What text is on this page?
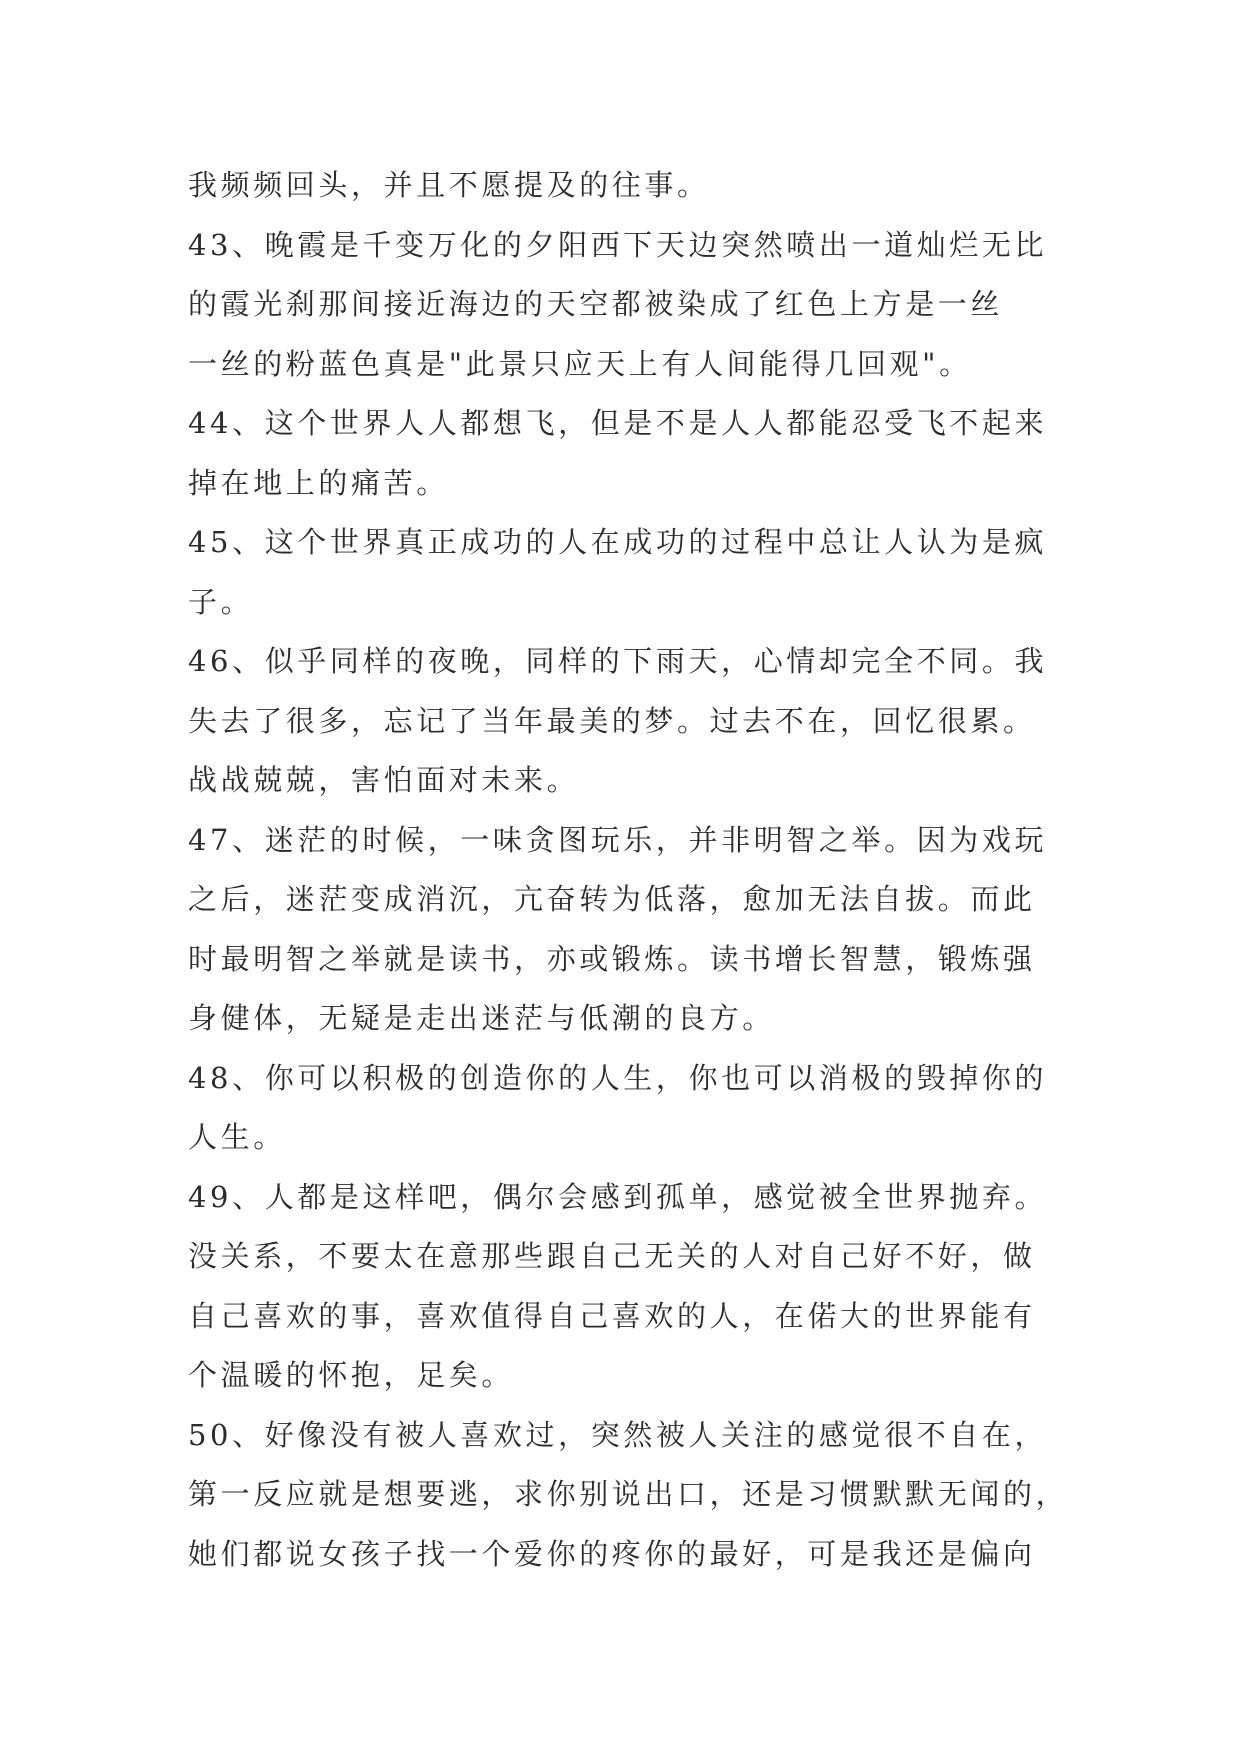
我频频回头，并且不愿提及的往事。
43、晚霞是千变万化的夕阳西下天边突然喷出一道灿烂无比
的霞光刹那间接近海边的天空都被染成了红色上方是一丝
一丝的粉蓝色真是"此景只应天上有人间能得几回观"。
44、这个世界人人都想飞，但是不是人人都能忍受飞不起来
掉在地上的痛苦。
45、这个世界真正成功的人在成功的过程中总让人认为是疯
子。
46、似乎同样的夜晚，同样的下雨天，心情却完全不同。我
失去了很多，忘记了当年最美的梦。过去不在，回忆很累。
战战兢兢，害怕面对未来。
47、迷茫的时候，一味贪图玩乐，并非明智之举。因为戏玩
之后，迷茫变成消沉，亢奋转为低落，愈加无法自拔。而此
时最明智之举就是读书，亦或锻炼。读书增长智慧，锻炼强
身健体，无疑是走出迷茫与低潮的良方。
48、你可以积极的创造你的人生，你也可以消极的毁掉你的
人生。
49、人都是这样吧，偶尔会感到孤单，感觉被全世界抛弃。
没关系，不要太在意那些跟自己无关的人对自己好不好，做
自己喜欢的事，喜欢值得自己喜欢的人，在偌大的世界能有
个温暖的怀抱，足矣。
50、好像没有被人喜欢过，突然被人关注的感觉很不自在，
第一反应就是想要逃，求你别说出口，还是习惯默默无闻的，
她们都说女孩子找一个爱你的疼你的最好，可是我还是偏向
